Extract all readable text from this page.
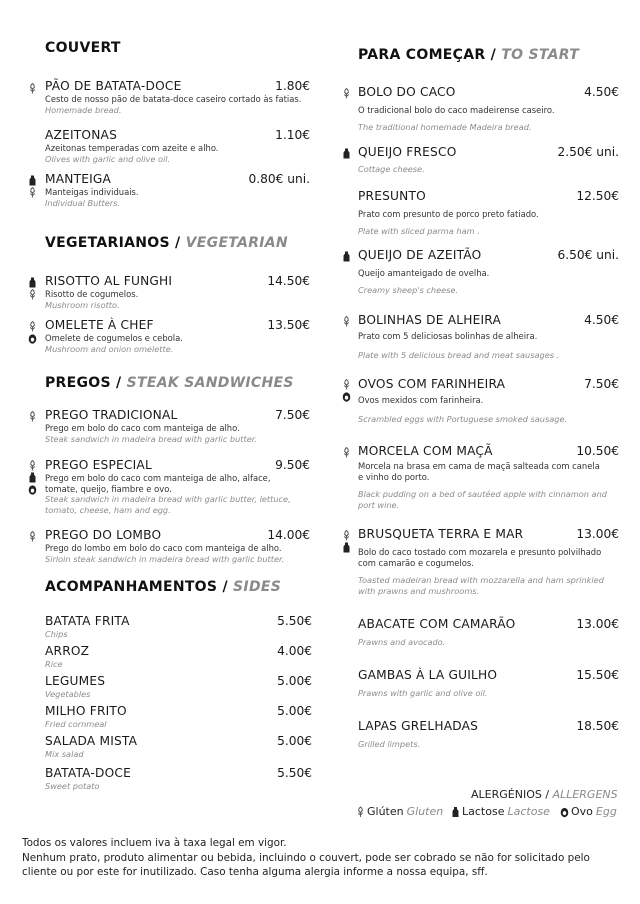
COUVERT
PÃO DE BATATA-DOCE	1.80€
Cesto de nosso pão de batata-doce caseiro cortado às fatias.
Homemade bread.
AZEITONAS	1.10€
Azeitonas temperadas com azeite e alho.
Olives with garlic and olive oil.
MANTEIGA	0.80€ uni.
Manteigas individuais.
Individual Butters.
VEGETARIANOS / VEGETARIAN
RISOTTO AL FUNGHI	14.50€
Risotto de cogumelos.
Mushroom risotto.
OMELETE À CHEF	13.50€
Omelete de cogumelos e cebola.
Mushroom and onion omelette.
PREGOS / STEAK SANDWICHES
PREGO TRADICIONAL	7.50€
Prego em bolo do caco com manteiga de alho.
Steak sandwich in madeira bread with garlic butter.
PREGO ESPECIAL	9.50€
Prego em bolo do caco com manteiga de alho, alface,
tomate, queijo, fiambre e ovo.
Steak sandwich in madeira bread with garlic butter, lettuce,
tomato, cheese, ham and egg.
PREGO DO LOMBO	14.00€
Prego do lombo em bolo do caco com manteiga de alho.
Sirloin steak sandwich in madeira bread with garlic butter.
ACOMPANHAMENTOS / SIDES
BATATA FRITA	5.50€
Chips
ARROZ	4.00€
Rice
LEGUMES	5.00€
Vegetables
MILHO FRITO	5.00€
Fried cornmeal
SALADA MISTA	5.00€
Mix salad
BATATA-DOCE	5.50€
Sweet potato
PARA COMEÇAR / TO START
BOLO DO CACO	4.50€
O tradicional bolo do caco madeirense caseiro.
The traditional homemade Madeira bread.
QUEIJO FRESCO	2.50€ uni.
Cottage cheese.
PRESUNTO	12.50€
Prato com presunto de porco preto fatiado.
Plate with sliced parma ham .
QUEIJO DE AZEITÃO	6.50€ uni.
Queijo amanteigado de ovelha.
Creamy sheep's cheese.
BOLINHAS DE ALHEIRA	4.50€
Prato com 5 deliciosas bolinhas de alheira.
Plate with 5 delicious bread and meat sausages .
OVOS COM FARINHEIRA	7.50€
Ovos mexidos com farinheira.
Scrambled eggs with Portuguese smoked sausage.
MORCELA COM MAÇÃ	10.50€
Morcela na brasa em cama de maçã salteada com canela
e vinho do porto.
Black pudding on a bed of sautéed apple with cinnamon and
port wine.
BRUSQUETA TERRA E MAR	13.00€
Bolo do caco tostado com mozarela e presunto polvilhado
com camarão e cogumelos.
Toasted madeiran bread with mozzarella and ham sprinkled
with prawns and mushrooms.
ABACATE COM CAMARÃO	13.00€
Prawns and avocado.
GAMBAS À LA GUILHO	15.50€
Prawns with garlic and olive oil.
LAPAS GRELHADAS	18.50€
Grilled limpets.
ALERGÉNIOS / ALLERGENS
Glúten Gluten Lactose Lactose Ovo Egg
Todos os valores incluem iva à taxa legal em vigor.
Nenhum prato, produto alimentar ou bebida, incluindo o couvert, pode ser cobrado se não for solicitado pelo
cliente ou por este for inutilizado. Caso tenha alguma alergia informe a nossa equipa, sff.
